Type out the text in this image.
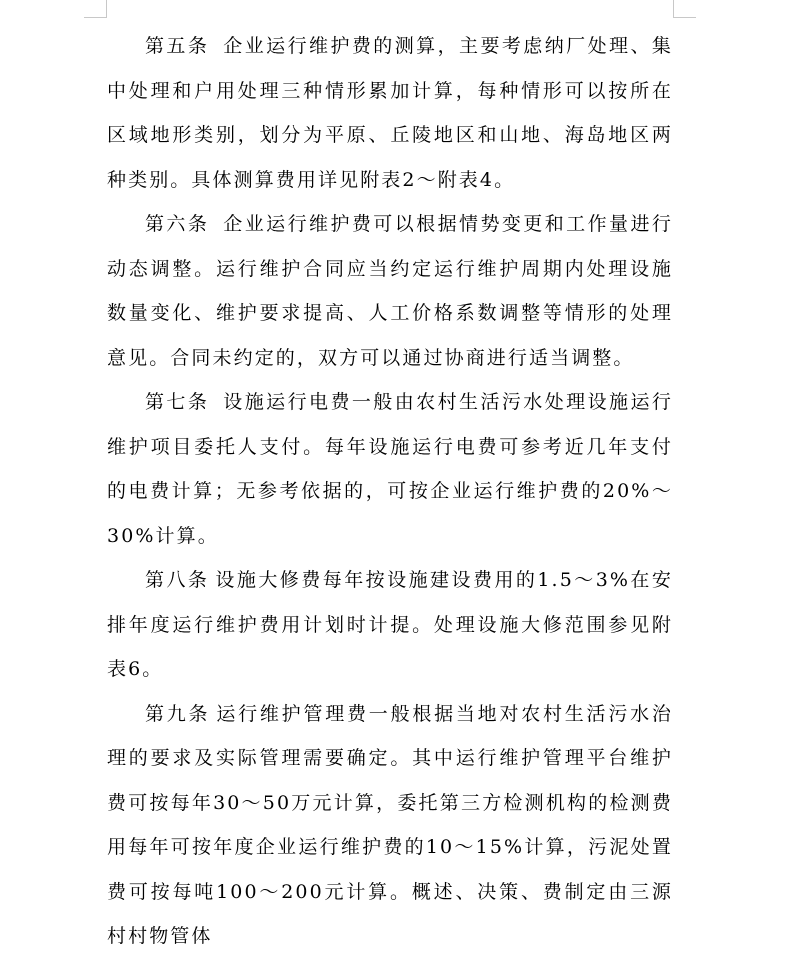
第五条 企业运行维护费的测算，主要考虑纳厂处理、集中处理和户用处理三种情形累加计算，每种情形可以按所在区域地形类别，划分为平原、丘陵地区和山地、海岛地区两种类别。具体测算费用详见附表2～附表4。

第六条 企业运行维护费可以根据情势变更和工作量进行动态调整。运行维护合同应当约定运行维护周期内处理设施数量变化、维护要求提高、人工价格系数调整等情形的处理意见。合同未约定的，双方可以通过协商进行适当调整。

第七条 设施运行电费一般由农村生活污水处理设施运行维护项目委托人支付。每年设施运行电费可参考近几年支付的电费计算；无参考依据的，可按企业运行维护费的20%～30%计算。

第八条 设施大修费每年按设施建设费用的1.5～3%在安排年度运行维护费用计划时计提。处理设施大修范围参见附表6。

第九条 运行维护管理费一般根据当地对农村生活污水治理的要求及实际管理需要确定。其中运行维护管理平台维护费可按每年30～50万元计算，委托第三方检测机构的检测费用每年可按年度企业运行维护费的10～15%计算，污泥处置费可按每吨100～200元计算。概述、决策、费制定由三源村村物管体
